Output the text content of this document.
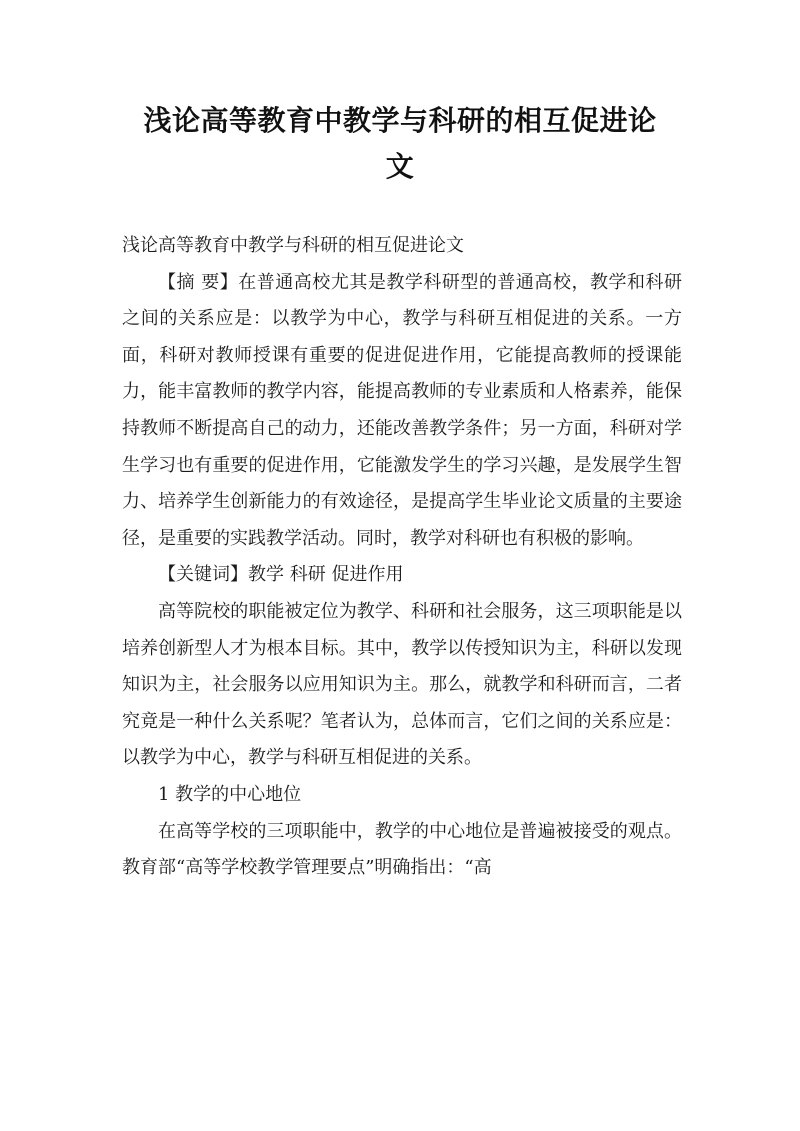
浅论高等教育中教学与科研的相互促进论
文

浅论高等教育中教学与科研的相互促进论文

【摘 要】在普通高校尤其是教学科研型的普通高校，教学和科研之间的关系应是：以教学为中心，教学与科研互相促进的关系。一方面，科研对教师授课有重要的促进促进作用，它能提高教师的授课能力，能丰富教师的教学内容，能提高教师的专业素质和人格素养，能保持教师不断提高自己的动力，还能改善教学条件；另一方面，科研对学生学习也有重要的促进作用，它能激发学生的学习兴趣，是发展学生智力、培养学生创新能力的有效途径，是提高学生毕业论文质量的主要途径，是重要的实践教学活动。同时，教学对科研也有积极的影响。

【关键词】教学 科研 促进作用

高等院校的职能被定位为教学、科研和社会服务，这三项职能是以培养创新型人才为根本目标。其中，教学以传授知识为主，科研以发现知识为主，社会服务以应用知识为主。那么，就教学和科研而言，二者究竟是一种什么关系呢？笔者认为，总体而言，它们之间的关系应是：以教学为中心，教学与科研互相促进的关系。

1 教学的中心地位

在高等学校的三项职能中，教学的中心地位是普遍被接受的观点。教育部“高等学校教学管理要点”明确指出：“高
